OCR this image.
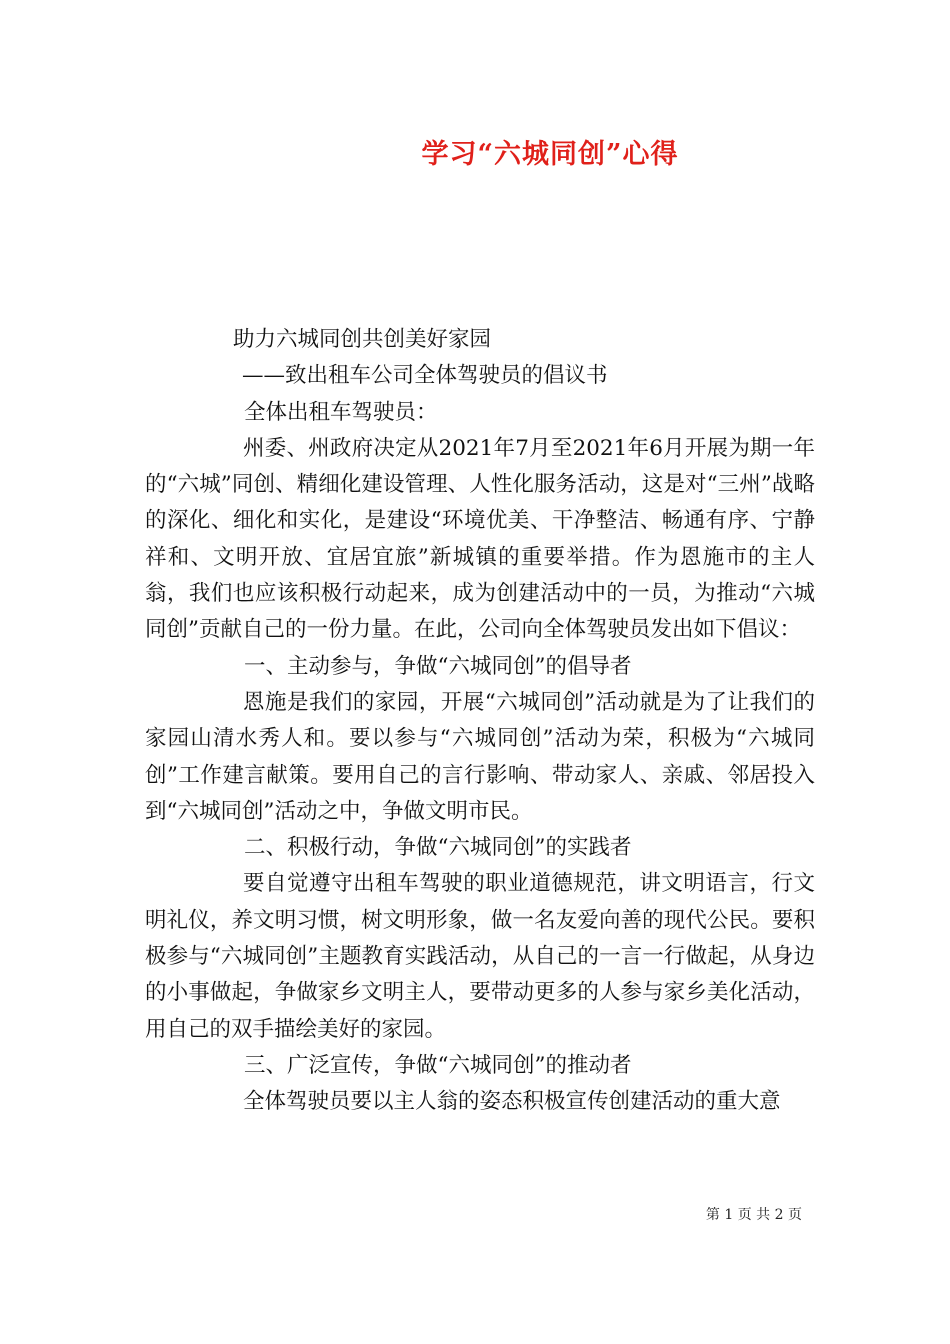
学习“六城同创”心得

助力六城同创共创美好家园

——致出租车公司全体驾驶员的倡议书

全体出租车驾驶员：

州委、州政府决定从2021年7月至2021年6月开展为期一年的“六城”同创、精细化建设管理、人性化服务活动，这是对“三州”战略的深化、细化和实化，是建设“环境优美、干净整洁、畅通有序、宁静祥和、文明开放、宜居宜旅”新城镇的重要举措。作为恩施市的主人翁，我们也应该积极行动起来，成为创建活动中的一员，为推动“六城同创”贡献自己的一份力量。在此，公司向全体驾驶员发出如下倡议：

一、主动参与，争做“六城同创”的倡导者

恩施是我们的家园，开展“六城同创”活动就是为了让我们的家园山清水秀人和。要以参与“六城同创”活动为荣，积极为“六城同创”工作建言献策。要用自己的言行影响、带动家人、亲戚、邻居投入到“六城同创”活动之中，争做文明市民。

二、积极行动，争做“六城同创”的实践者

要自觉遵守出租车驾驶的职业道德规范，讲文明语言，行文明礼仪，养文明习惯，树文明形象，做一名友爱向善的现代公民。要积极参与“六城同创”主题教育实践活动，从自己的一言一行做起，从身边的小事做起，争做家乡文明主人，要带动更多的人参与家乡美化活动，用自己的双手描绘美好的家园。

三、广泛宣传，争做“六城同创”的推动者

全体驾驶员要以主人翁的姿态积极宣传创建活动的重大意

第 1 页 共 2 页
